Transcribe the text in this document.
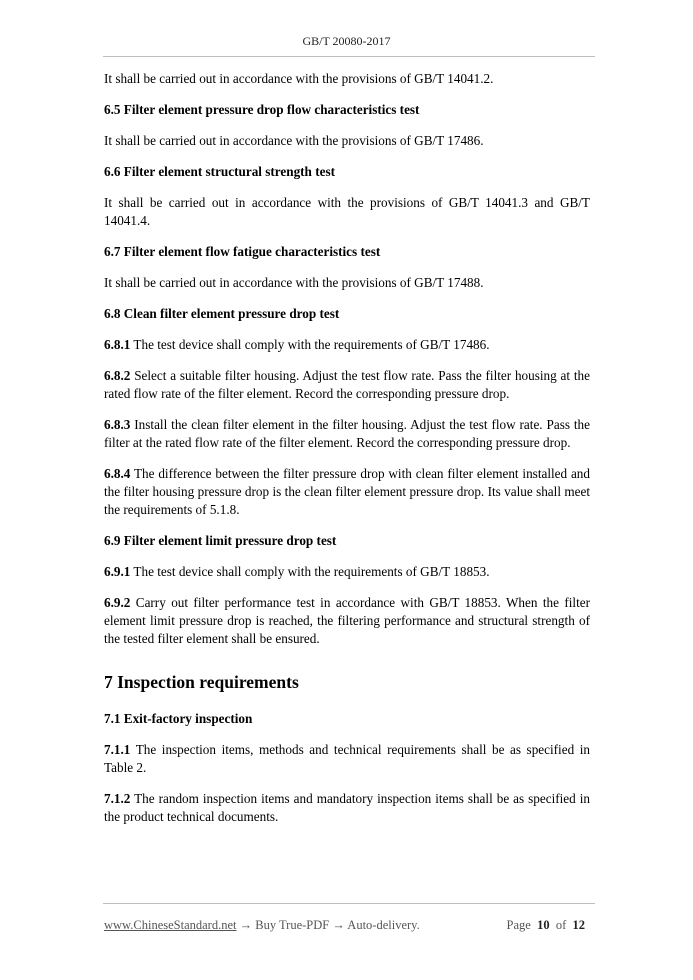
GB/T 20080-2017

It shall be carried out in accordance with the provisions of GB/T 14041.2.

6.5 Filter element pressure drop flow characteristics test

It shall be carried out in accordance with the provisions of GB/T 17486.

6.6 Filter element structural strength test

It shall be carried out in accordance with the provisions of GB/T 14041.3 and GB/T 14041.4.

6.7 Filter element flow fatigue characteristics test

It shall be carried out in accordance with the provisions of GB/T 17488.

6.8 Clean filter element pressure drop test

6.8.1 The test device shall comply with the requirements of GB/T 17486.

6.8.2 Select a suitable filter housing. Adjust the test flow rate. Pass the filter housing at the rated flow rate of the filter element. Record the corresponding pressure drop.

6.8.3 Install the clean filter element in the filter housing. Adjust the test flow rate. Pass the filter at the rated flow rate of the filter element. Record the corresponding pressure drop.

6.8.4 The difference between the filter pressure drop with clean filter element installed and the filter housing pressure drop is the clean filter element pressure drop. Its value shall meet the requirements of 5.1.8.

6.9 Filter element limit pressure drop test

6.9.1 The test device shall comply with the requirements of GB/T 18853.

6.9.2 Carry out filter performance test in accordance with GB/T 18853. When the filter element limit pressure drop is reached, the filtering performance and structural strength of the tested filter element shall be ensured.

7 Inspection requirements

7.1 Exit-factory inspection

7.1.1 The inspection items, methods and technical requirements shall be as specified in Table 2.

7.1.2 The random inspection items and mandatory inspection items shall be as specified in the product technical documents.

www.ChineseStandard.net → Buy True-PDF → Auto-delivery.	Page 10 of 12
